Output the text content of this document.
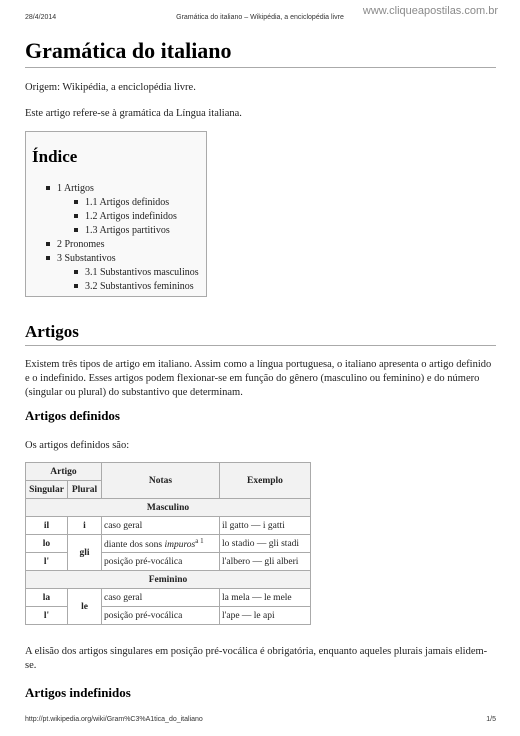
28/4/2014	Gramática do italiano – Wikipédia, a enciclopédia livre
www.cliqueapostilas.com.br
Gramática do italiano
Origem: Wikipédia, a enciclopédia livre.
Este artigo refere-se à gramática da Língua italiana.
Índice
1 Artigos
1.1 Artigos definidos
1.2 Artigos indefinidos
1.3 Artigos partitivos
2 Pronomes
3 Substantivos
3.1 Substantivos masculinos
3.2 Substantivos femininos
Artigos

Existem três tipos de artigo em italiano. Assim como a língua portuguesa, o italiano apresenta o artigo definido e o indefinido. Esses artigos podem flexionar-se em função do gênero (masculino ou feminino) e do número (singular ou plural) do substantivo que determinam.

Artigos definidos

Os artigos definidos são:

Artigo		Notas	Exemplo
Singular	Plural		
Masculino			
il	i	caso geral	il gatto — i gatti
lo	gli	diante dos sons impuros$^{a 1}$	lo stadio — gli stadi
l'		posição pré-vocálica	l'albero — gli alberi
Feminino			
la	le	caso geral	la mela — le mele
l'		posição pré-vocálica	l'ape — le api

A elisão dos artigos singulares em posição pré-vocálica é obrigatória, enquanto aqueles plurais jamais elidem-se.

Artigos indefinidos
http://pt.wikipedia.org/wiki/Gram%C3%A1tica_do_italiano	1/5
